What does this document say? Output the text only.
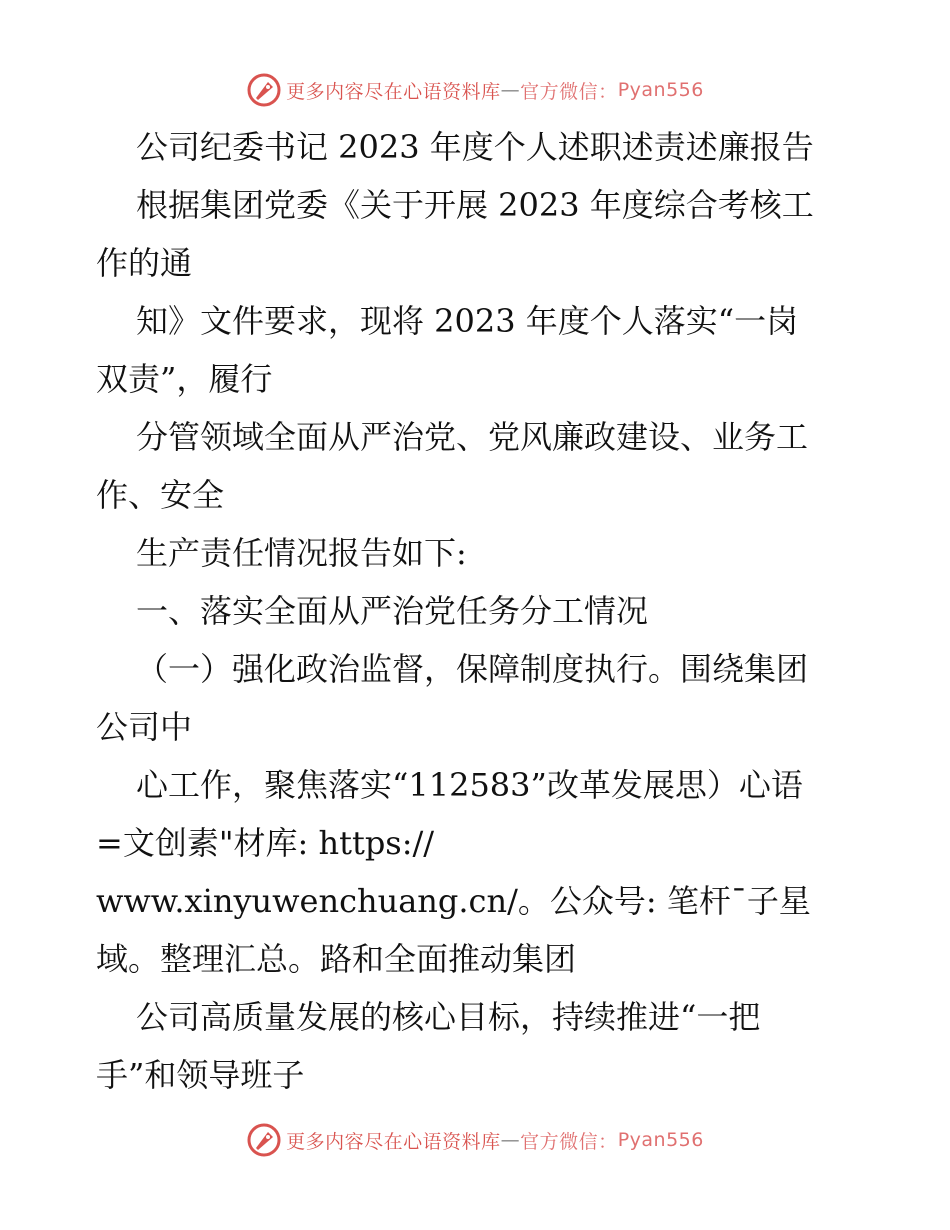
更多内容尽在心语资料库 — 官方微信： Pyan556
公司纪委书记 2023 年度个人述职述责述廉报告
根据集团党委《关于开展 2023 年度综合考核工
作的通
知》文件要求，现将 2023 年度个人落实“一岗
双责”，履行
分管领域全面从严治党、党风廉政建设、业务工
作、安全
生产责任情况报告如下:
一、落实全面从严治党任务分工情况
（一）强化政治监督，保障制度执行。围绕集团
公司中
心工作，聚焦落实“112583”改革发展思）心语
=文创素"材库: https://
www.xinyuwenchuang.cn/。公众号: 笔杆¯子星
域。整理汇总。路和全面推动集团
公司高质量发展的核心目标，持续推进“一把
手”和领导班子
更多内容尽在心语资料库 — 官方微信： Pyan556
